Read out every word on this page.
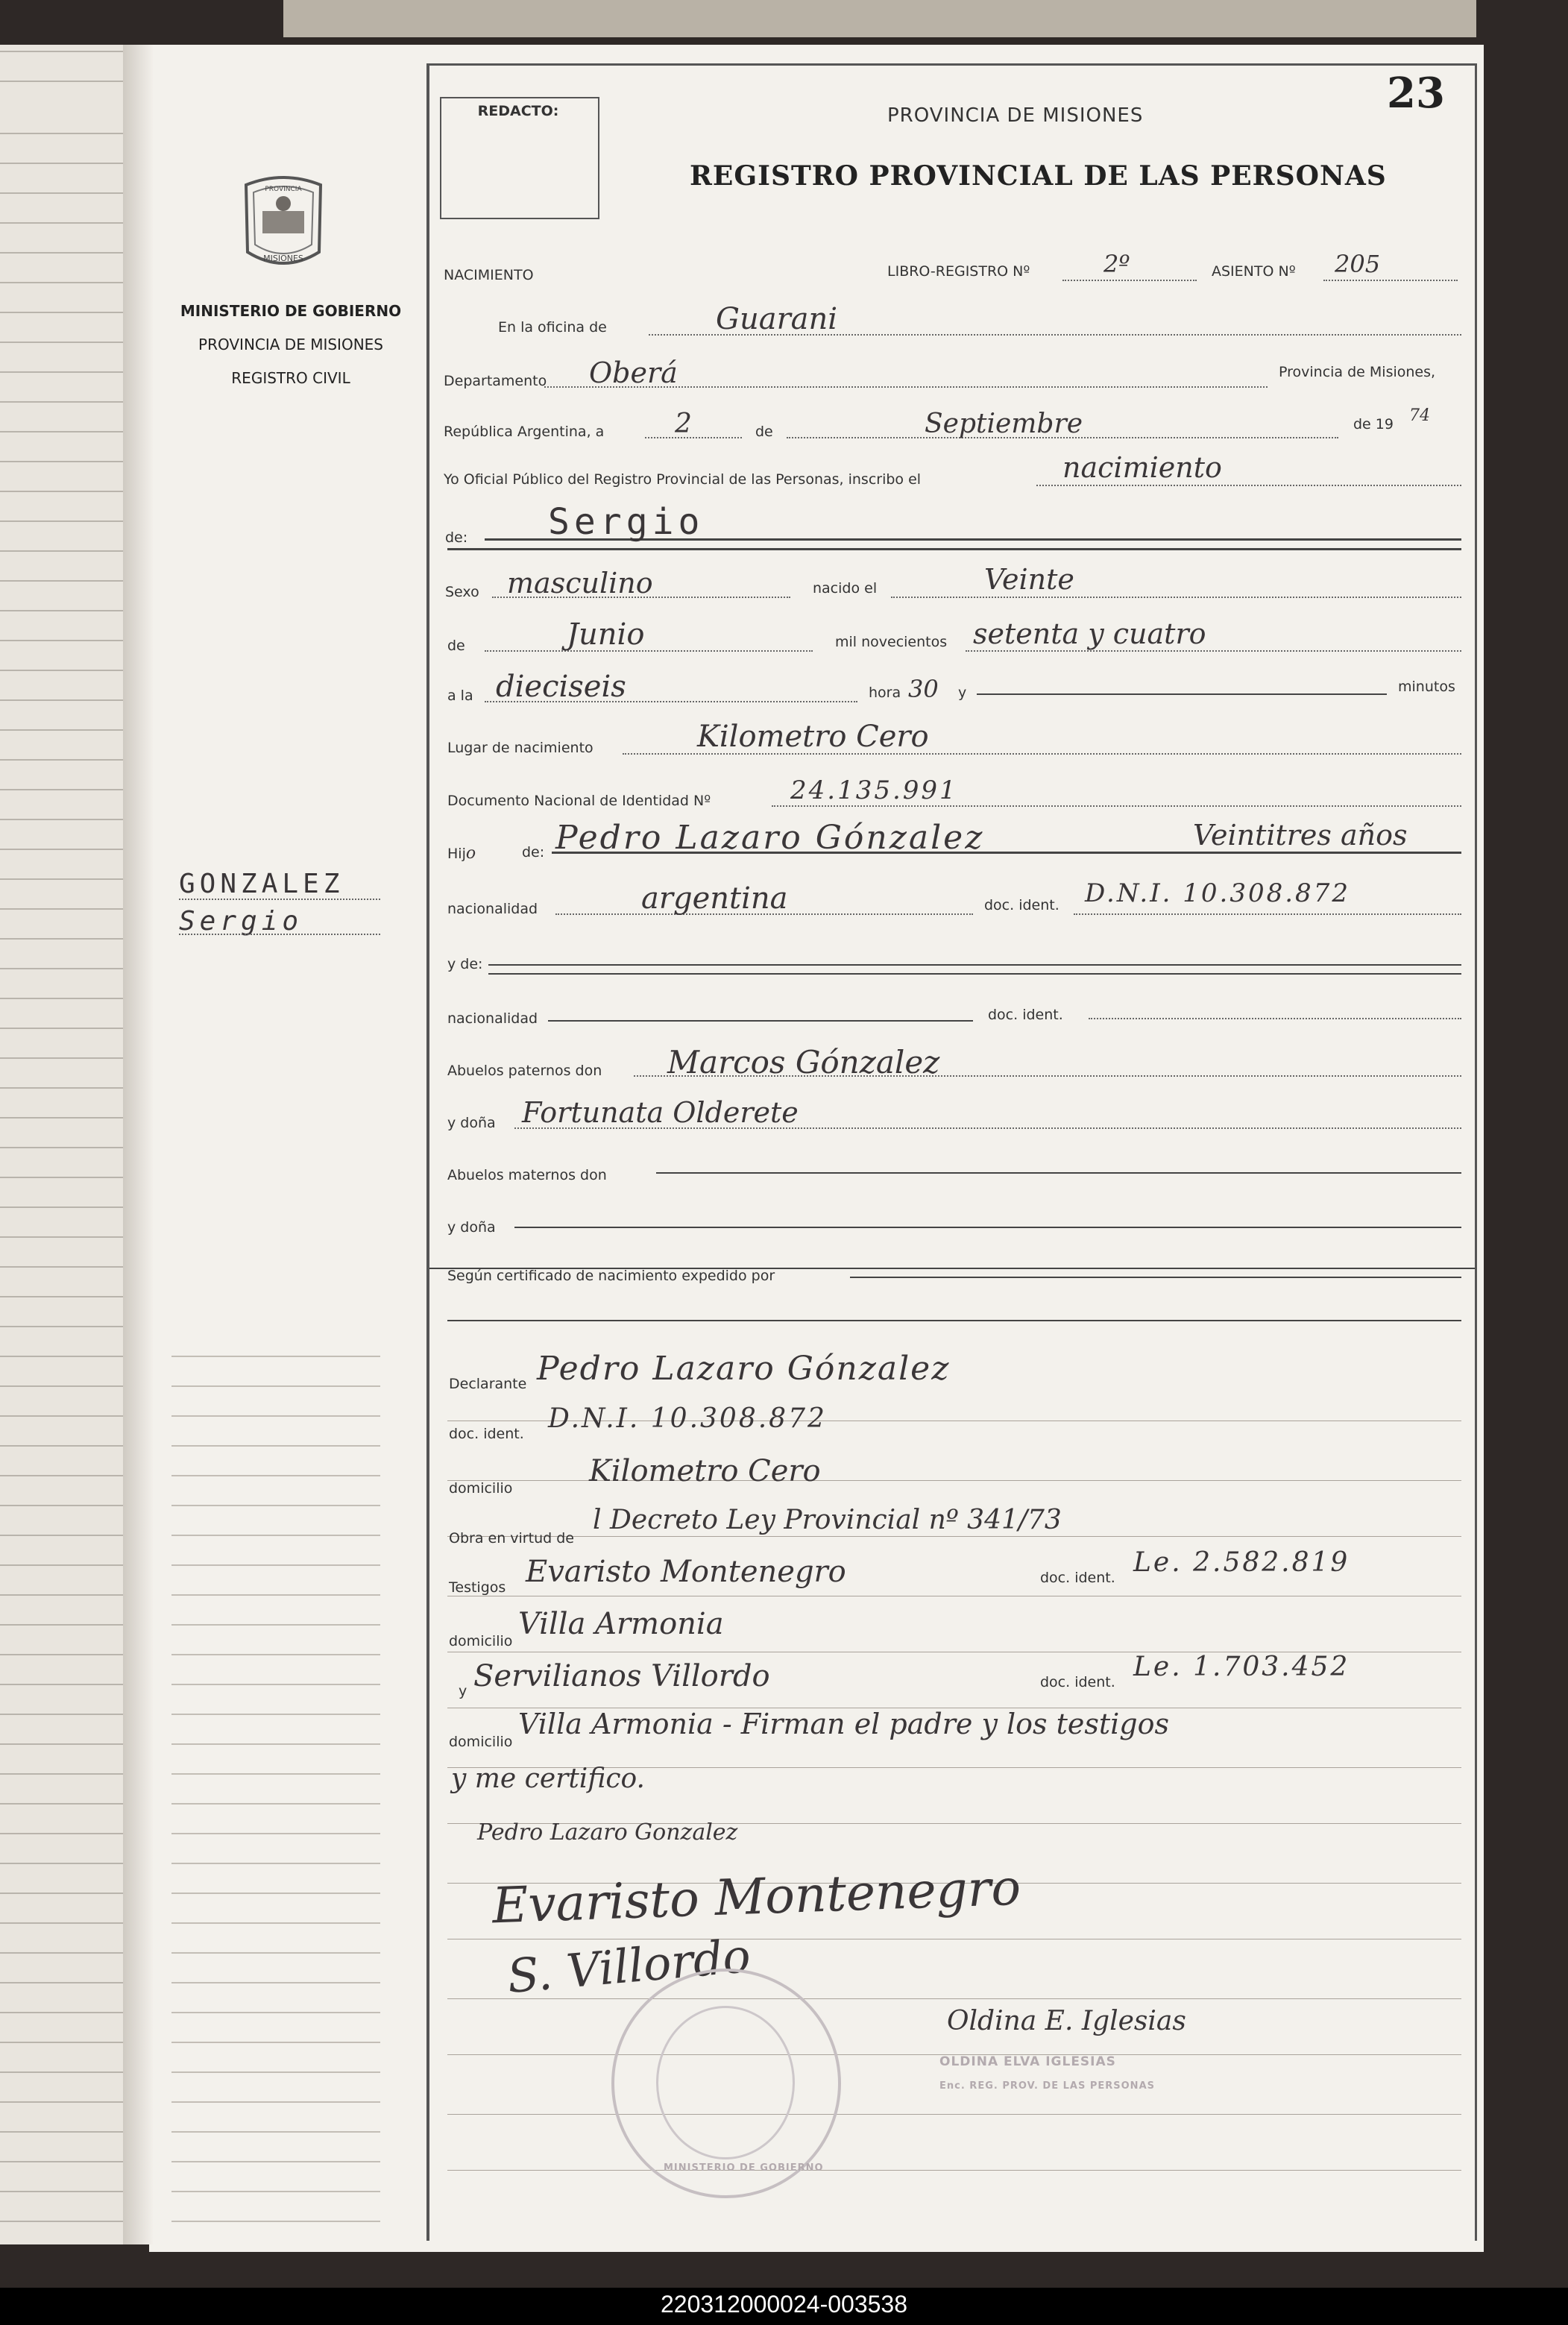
REDACTO:	23
PROVINCIA DE MISIONES
REGISTRO PROVINCIAL DE LAS PERSONAS
MISIONES
PROVINCIA
MINISTERIO DE GOBIERNO
PROVINCIA DE MISIONES
REGISTRO CIVIL
GONZALEZ
Sergio
NACIMIENTO	LIBRO-REGISTRO Nº	2º	ASIENTO Nº 205
En la oficina de	Guarani
Departamento Oberá	Provincia de Misiones,
República Argentina, a	2	de	Septiembre	de 19 74
Yo Oficial Público del Registro Provincial de las Personas, inscribo el	nacimiento
de: Sergio
Sexo masculino	nacido el	Veinte
de	Junio	mil novecientos setenta y cuatro
a la dieciseis	hora 30 y	minutos
Lugar de nacimiento	Kilometro Cero
Documento Nacional de Identidad Nº	24.135.991
Hijo	de: Pedro Lazaro Gónzalez	Veintitres años
nacionalidad	argentina	doc. ident. D.N.I. 10.308.872
y de:
nacionalidad	doc. ident.
Abuelos paternos don Marcos Gónzalez
y doña Fortunata Olderete
Abuelos maternos don
y doña
Según certificado de nacimiento expedido por
Declarante Pedro Lazaro Gónzalez
doc. ident. D.N.I. 10.308.872
domicilio	Kilometro Cero
Obra en virtud de
l Decreto Ley Provincial nº 341/73
Testigos Evaristo Montenegro	doc. ident. Le. 2.582.819
domicilio Villa Armonia
y Servilianos Villordo	doc. ident. Le. 1.703.452
domicilio
Villa Armonia - Firman el padre y los testigos
y me certifico.
Pedro Lazaro Gonzalez
Evaristo Montenegro
S. Villordo
Oldina E. Iglesias
MINISTERIO DE GOBIERNO
OLDINA ELVA IGLESIAS
Enc. REG. PROV. DE LAS PERSONAS
220312000024-003538
